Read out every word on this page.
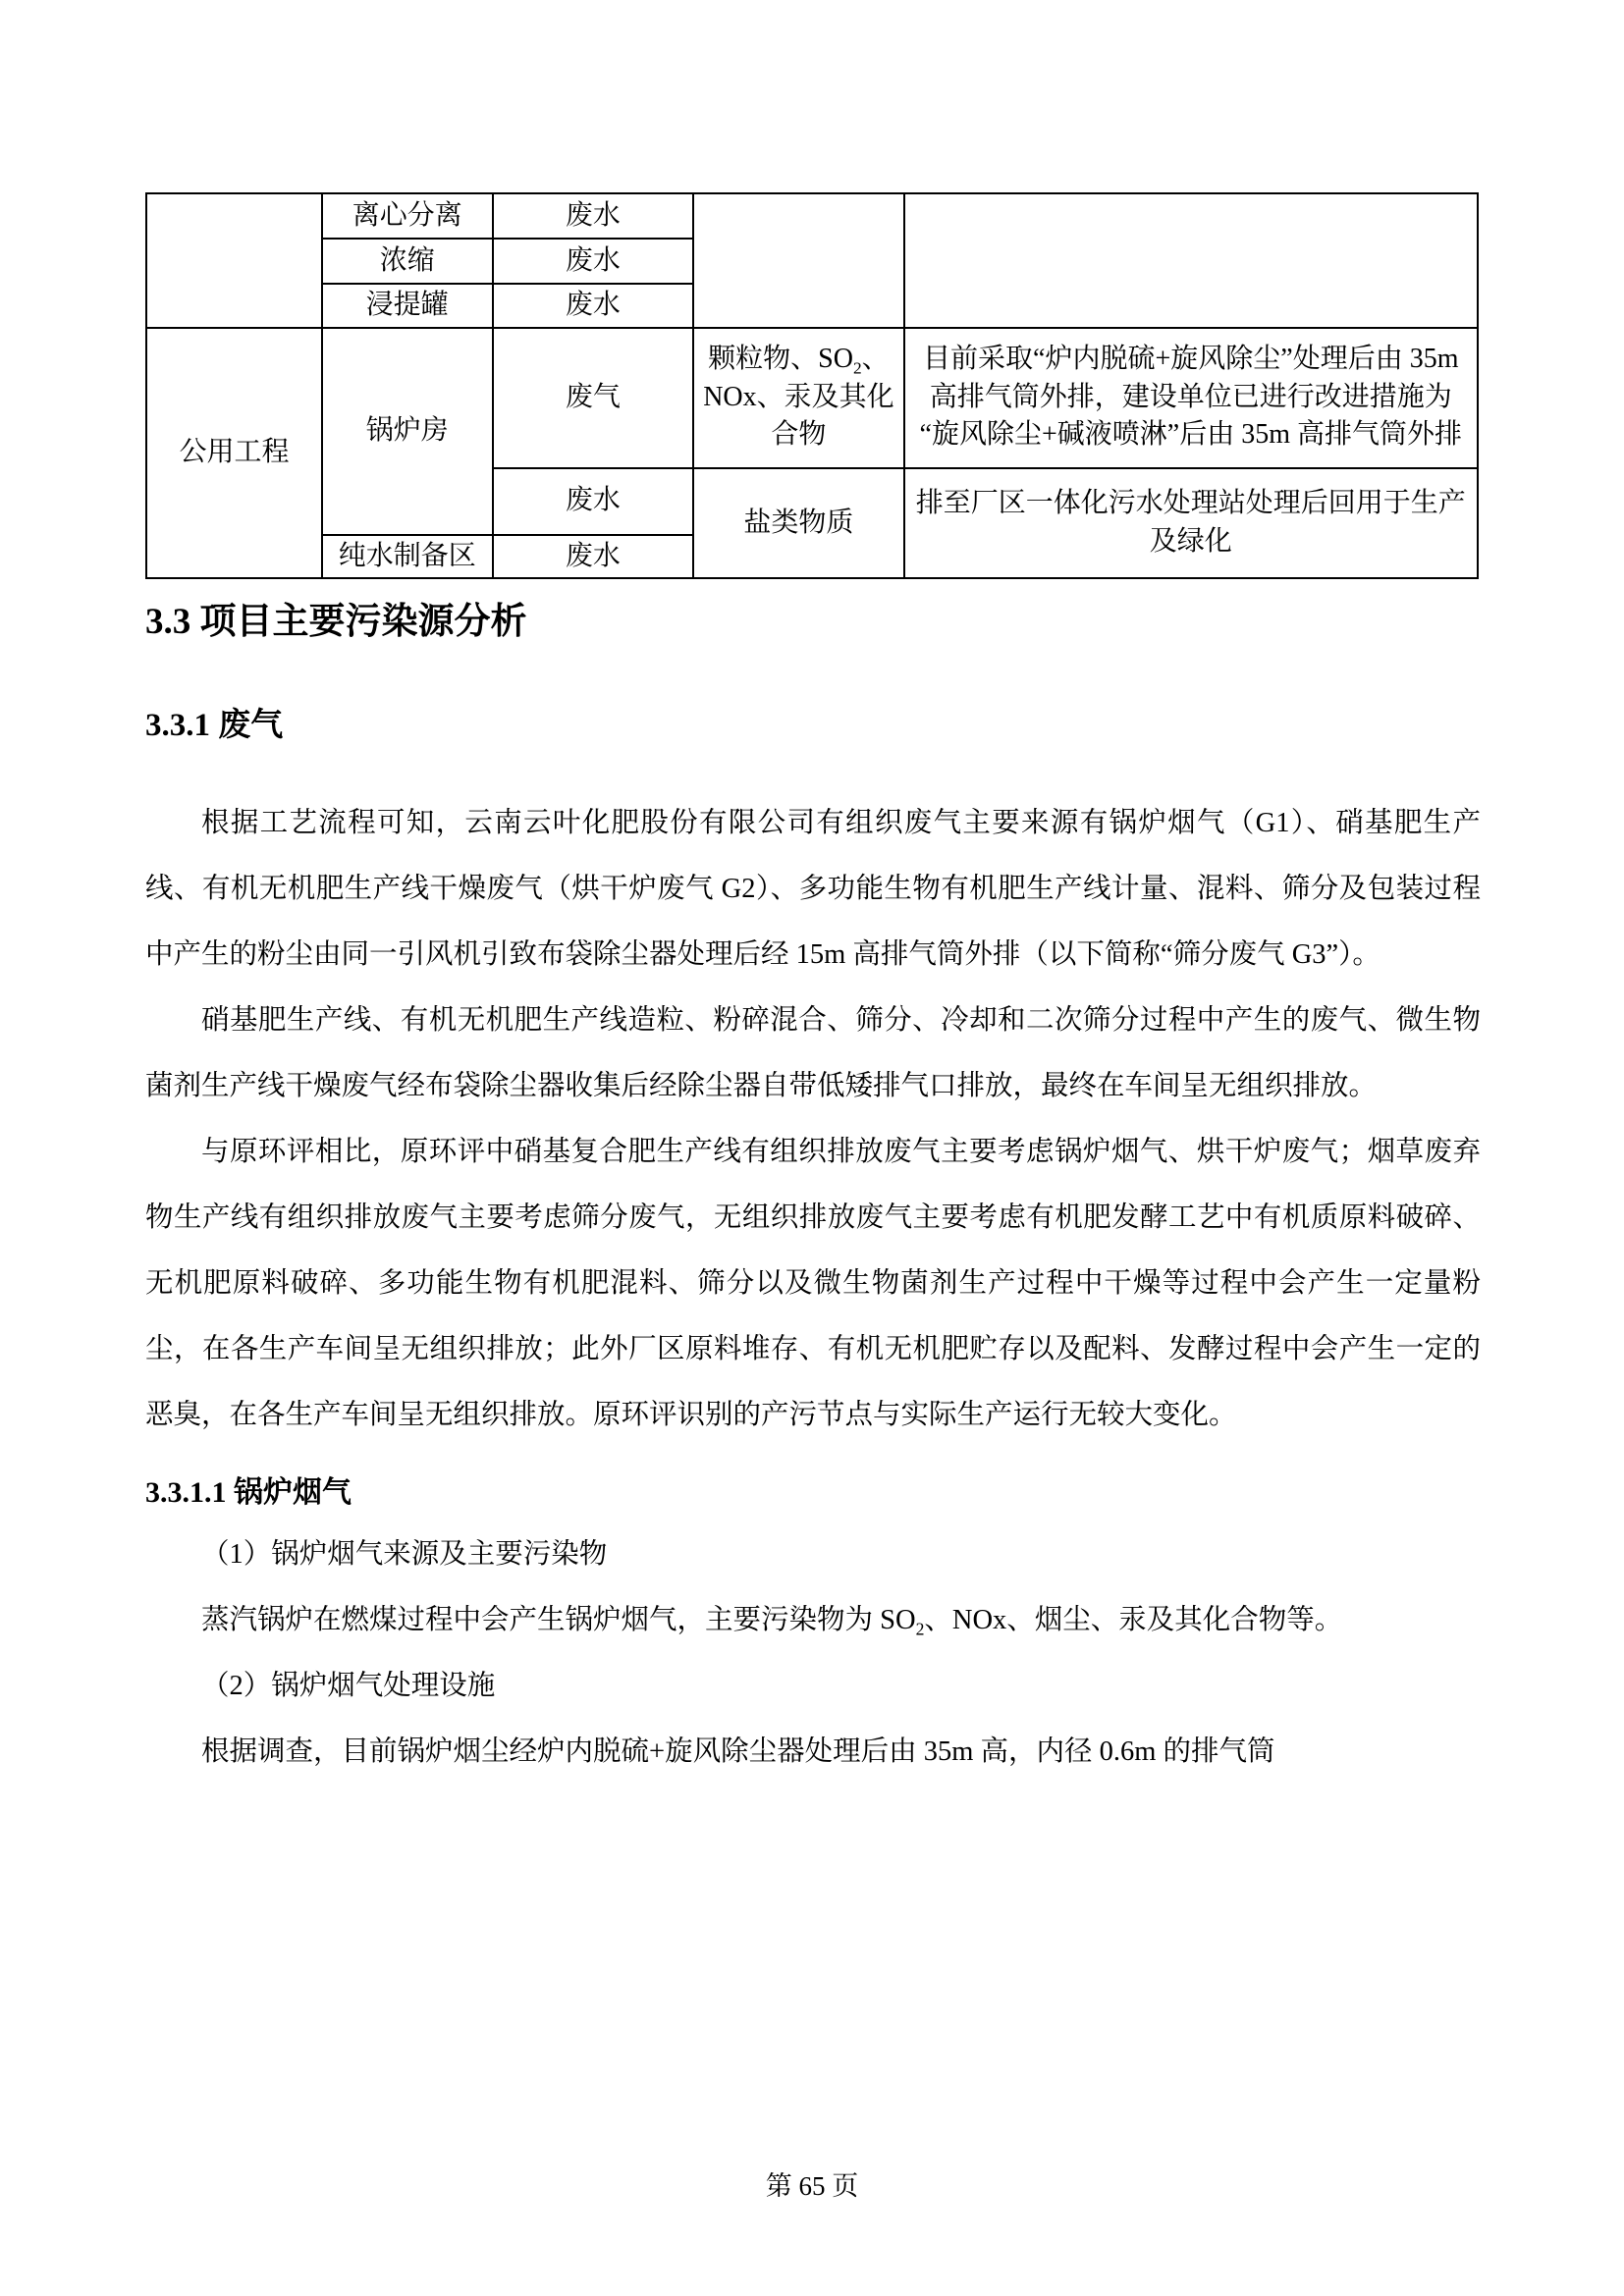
	离心分离	废水		
	浓缩	废水		
	浸提罐	废水		
公用工程	锅炉房	废气	颗粒物、$SO_2$、NOx、汞及其化合物	目前采取“炉内脱硫+旋风除尘”处理后由 35m 高排气筒外排，建设单位已进行改进措施为“旋风除尘+碱液喷淋”后由 35m 高排气筒外排
		废水	盐类物质	排至厂区一体化污水处理站处理后回用于生产及绿化
	纯水制备区	废水		
3.3 项目主要污染源分析
3.3.1 废气
根据工艺流程可知，云南云叶化肥股份有限公司有组织废气主要来源有锅炉烟气（G1）、硝基肥生产线、有机无机肥生产线干燥废气（烘干炉废气 G2）、多功能生物有机肥生产线计量、混料、筛分及包装过程中产生的粉尘由同一引风机引致布袋除尘器处理后经 15m 高排气筒外排（以下简称“筛分废气 G3”）。
硝基肥生产线、有机无机肥生产线造粒、粉碎混合、筛分、冷却和二次筛分过程中产生的废气、微生物菌剂生产线干燥废气经布袋除尘器收集后经除尘器自带低矮排气口排放，最终在车间呈无组织排放。
与原环评相比，原环评中硝基复合肥生产线有组织排放废气主要考虑锅炉烟气、烘干炉废气；烟草废弃物生产线有组织排放废气主要考虑筛分废气，无组织排放废气主要考虑有机肥发酵工艺中有机质原料破碎、无机肥原料破碎、多功能生物有机肥混料、筛分以及微生物菌剂生产过程中干燥等过程中会产生一定量粉尘，在各生产车间呈无组织排放；此外厂区原料堆存、有机无机肥贮存以及配料、发酵过程中会产生一定的恶臭，在各生产车间呈无组织排放。原环评识别的产污节点与实际生产运行无较大变化。
3.3.1.1 锅炉烟气
（1）锅炉烟气来源及主要污染物
蒸汽锅炉在燃煤过程中会产生锅炉烟气，主要污染物为 $SO_2$、NOx、烟尘、汞及其化合物等。
（2）锅炉烟气处理设施
根据调查，目前锅炉烟尘经炉内脱硫+旋风除尘器处理后由 35m 高，内径 0.6m 的排气筒
第 65 页
